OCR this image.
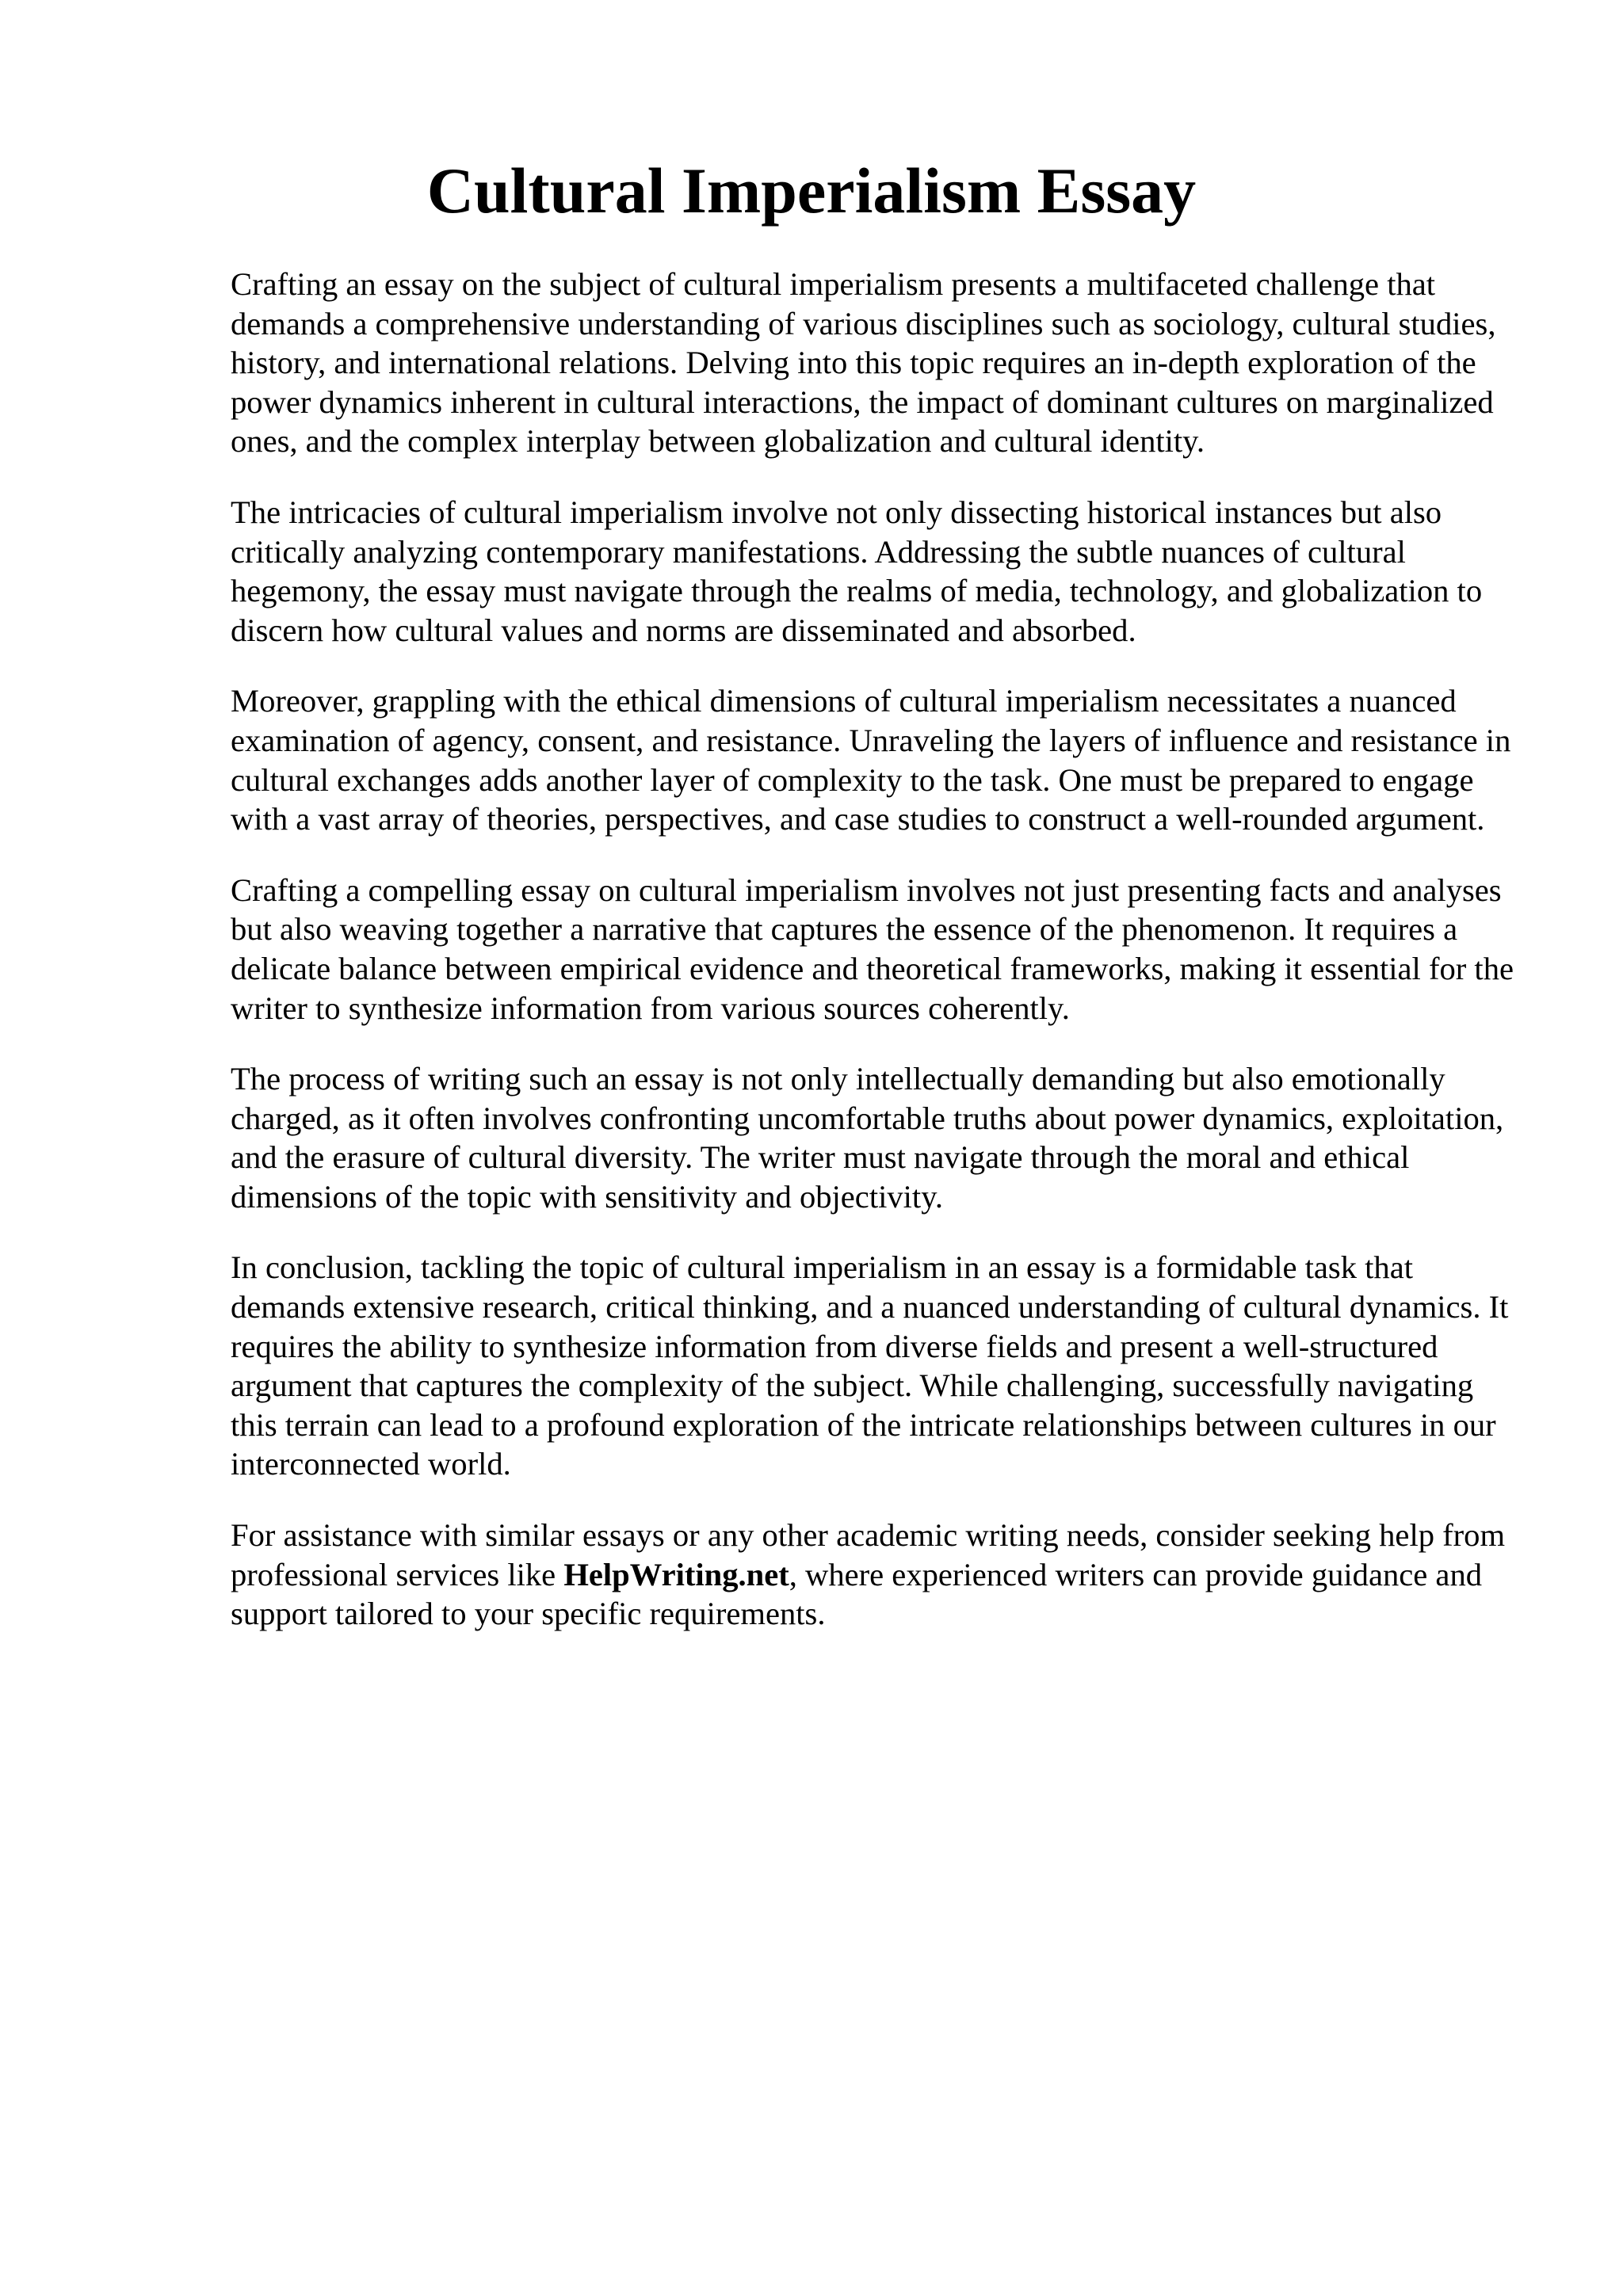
Cultural Imperialism Essay

Crafting an essay on the subject of cultural imperialism presents a multifaceted challenge that demands a comprehensive understanding of various disciplines such as sociology, cultural studies, history, and international relations. Delving into this topic requires an in-depth exploration of the power dynamics inherent in cultural interactions, the impact of dominant cultures on marginalized ones, and the complex interplay between globalization and cultural identity.

The intricacies of cultural imperialism involve not only dissecting historical instances but also critically analyzing contemporary manifestations. Addressing the subtle nuances of cultural hegemony, the essay must navigate through the realms of media, technology, and globalization to discern how cultural values and norms are disseminated and absorbed.

Moreover, grappling with the ethical dimensions of cultural imperialism necessitates a nuanced examination of agency, consent, and resistance. Unraveling the layers of influence and resistance in cultural exchanges adds another layer of complexity to the task. One must be prepared to engage with a vast array of theories, perspectives, and case studies to construct a well-rounded argument.

Crafting a compelling essay on cultural imperialism involves not just presenting facts and analyses but also weaving together a narrative that captures the essence of the phenomenon. It requires a delicate balance between empirical evidence and theoretical frameworks, making it essential for the writer to synthesize information from various sources coherently.

The process of writing such an essay is not only intellectually demanding but also emotionally charged, as it often involves confronting uncomfortable truths about power dynamics, exploitation, and the erasure of cultural diversity. The writer must navigate through the moral and ethical dimensions of the topic with sensitivity and objectivity.

In conclusion, tackling the topic of cultural imperialism in an essay is a formidable task that demands extensive research, critical thinking, and a nuanced understanding of cultural dynamics. It requires the ability to synthesize information from diverse fields and present a well-structured argument that captures the complexity of the subject. While challenging, successfully navigating this terrain can lead to a profound exploration of the intricate relationships between cultures in our interconnected world.

For assistance with similar essays or any other academic writing needs, consider seeking help from professional services like HelpWriting.net, where experienced writers can provide guidance and support tailored to your specific requirements.
